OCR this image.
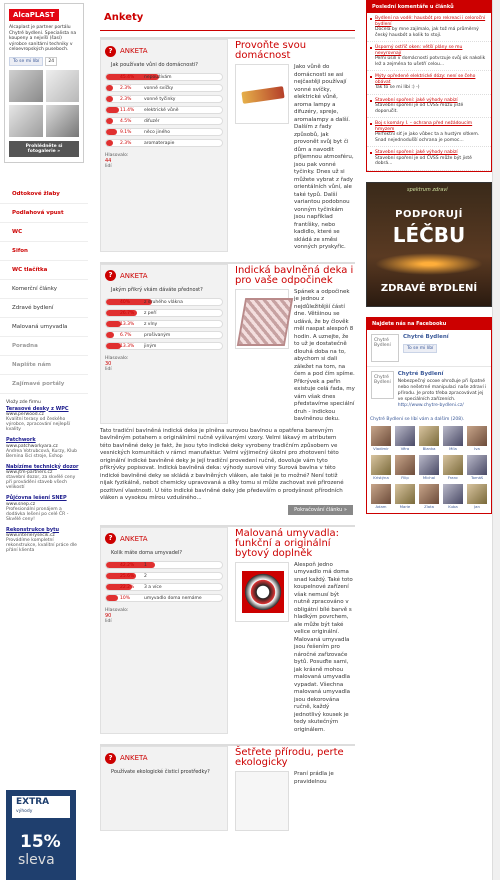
AlcaPLAST
Alcaplast je partner portálu Chytré bydlení. Specialista na koupeny a nejvíší (šasí) výrobce sanitární techniky v celoevropských puseboch.
To se mi líbí	24
Prohlédněte si fotogalerie »
Odtokové žlaby
Podlahová vpust
WC
Sifon
WC tlačítka
Komerční články
Zdravé bydlení
Malovaná umyvadla
Poradna
Napište nám
Zajímavé portály
Vložy zde firmu
Terasové desky z WPC
www.perwood.cz
Kvalitní terasy od českého výrobce, zpracování nejlepší kvality
Patchwork
www.patchworkyara.cz
Andrea Votrubcová, Kurzy, Klub Bernina šicí stroje, Eshop
Nabízíme technický dozor
www.jtm-partners.cz
stavební dozor, za skvělé ceny při provádění staveb všech velikostí
Půjčovna lešení SNEP
www.snep.cz
Profesionální pronájem a dodávka lešení po celé ČR - Skvělé ceny!
Rekonstrukce bytu
www.interierysecik.cz
Provádíme kompletní rekonstrukce, kvalitní práce dle přání klienta
EXTRA
výhody
15%
sleva
Ankety
?	ANKETA
Jak používate vůni do domácnosti?
45.4% nepoužívám
2.3%	vonné svíčky
2.3%	vonné tyčinky
11.4% elektrické vůně
4.5%	difuzér
9.1%	něco jiného
2.3%	aromaterapie
Hlasovalo:
44
lidí
Provoňte svou domácnost
Jako vůně do domácnosti se asi nejčastěji používají vonné svíčky, elektrické vůně, aroma lampy a difuzéry, spreje, aromalampy a další. Dalším z řady způsobů, jak provonět svůj byt či dům a navodit příjemnou atmosféru, jsou pak vonné tyčinky. Dnes už si můžete vybrat z řady orientálních vůní, ale také typů. Další variantou podobnou vonným tyčinkám jsou například frantíšky, nebo kadidlo, které se skládá ze směsi vonných pryskyřic.
?	ANKETA
Jakým přikrý vkám dáváte přednost?
40%	z druhého vlákna
26.7% z peří
13.3% z vlny
6.7%	prošívaným
13.3% jiným
Hlasovalo:
30
lidí
Indická bavlněná deka i pro vaše odpočinek
Spánek a odpočinek je jednou z nejdůležitější částí dne. Většinou se udává, že by člověk měl naspat alespoň 8 hodin. A uznejte, že to už je dostatečně dlouhá doba na to, abychom si dali záležet na tom, na čem a pod čím spíme. Přikrývek a peřin existuje celá řada, my vám však dnes představíme speciální druh - indickou bavlněnou deku.
Tato tradiční bavlněná indická deka je plněna surovou bavlnou a opatřena barevným bavlněným potahem s originálními ručně vyšívanými vzory. Velmi lákavý m atributem této bavlněné deky je fakt, že jsou tyto indické deky vyrobeny tradičním způsobem ve vesnických komunitách v rámci manufaktur. Velmi výjimečný úkolni pro zhotovení této originální indické bavlněné deky je její tradiční provedení ručně, dovoluje vám tyto přikrývky popisovat. Indická bavlněná deka: výhody surové viny Surová bavlna v této indické bavlněné deky se skládá z bavlněných vláken, ale také je to možné? Není totiž nijak fyzikálně, nebot chemicky upravovaná a díky tomu si může zachovat své přirozené pozitivní vlastnosti. U této indické bavlněné deky jde především o prodyšnost přírodních vláken a vysokou mírou vzdušného...
Pokračování článku »
?	ANKETA
Kolik máte doma umyvadel?
42.2% 1
25.6% 2
22.2% 3 a více
10%	umyvadlo doma nemáme
Hlasovalo:
90
lidí
Malovaná umyvadla: funkční a originální bytový doplněk
Alespoň jedno umyvadlo má doma snad každý. Také toto koupelnové zařízení však nemusí být nutně zpracováno v obligátní bílé barvě s hladkým povrchem, ale může být také velice originální. Malovaná umyvadla jsou řešením pro náročné zařizovače bytů. Posuďte sami, jak krásně mohou malovaná umyvadla vypadat. Všechna malovaná umyvadla jsou dekorována ručně, každý jednotlivý kousek je tedy skutečným originálem.
?	ANKETA
Používate ekologické čisticí prostředky?
Šetřete přírodu, perte ekologicky
Praní prádla je pravidelnou
Poslední komentáře u článků
Bydlení na vodě: hausbót pro rekreaci i celoroční bydlení
Docela by mne zajímalo, jak tož má průměrný český hausbót a kolik to stojí.
Úsporný ostřič oken: větší plány se mu nevyrovnají
Pemi úsilí v domácnosti potvrzuje svůj ok nakolik lež a zejména to ušetří celou...
Mýty opředené elektrické dózy: není se čeho obávat
Tak to se mi líbí :) -)
Stavební spoření: jaké výhody nabízí
Stavební spoření je od ČVSS můžu jistě doporučit.
Boj s komáry I. – ochrana před nežádoucím hmyzem
Perfektní síť je jako vůbec ta a hustým sítkem. Snad nejednodušší ochrana je pomoc...
Stavební spoření: jaké výhody nabízí
Stavební spoření je od ČVSS může být jistě dobrá...
spektrum zdraví
PODPORUJÍ
LÉČBU
ZDRAVÉ BYDLENÍ
Najdete nás na Facebooku
Chytré Bydlení
Chytré Bydlení
To se mi líbí
Chytré Bydlení
Chytré Bydlení
Nebezpečný ocoxe ohrožuje při špatné nebo nešetrné manipulaci naše zdraví i přírodu. Je proto třeba zpracovávat jej ve speciálních zařízeních. http://www.chytre-bydleni.cz/
Chytré Bydlení se líbí vám a dalším (208).
Vladimir	Věra	Blanka	Míla	Iva
Kristýna	Filip	Michal	Franc	Tomáš
Adam	Marie	Zlata	Kuba	Jan
